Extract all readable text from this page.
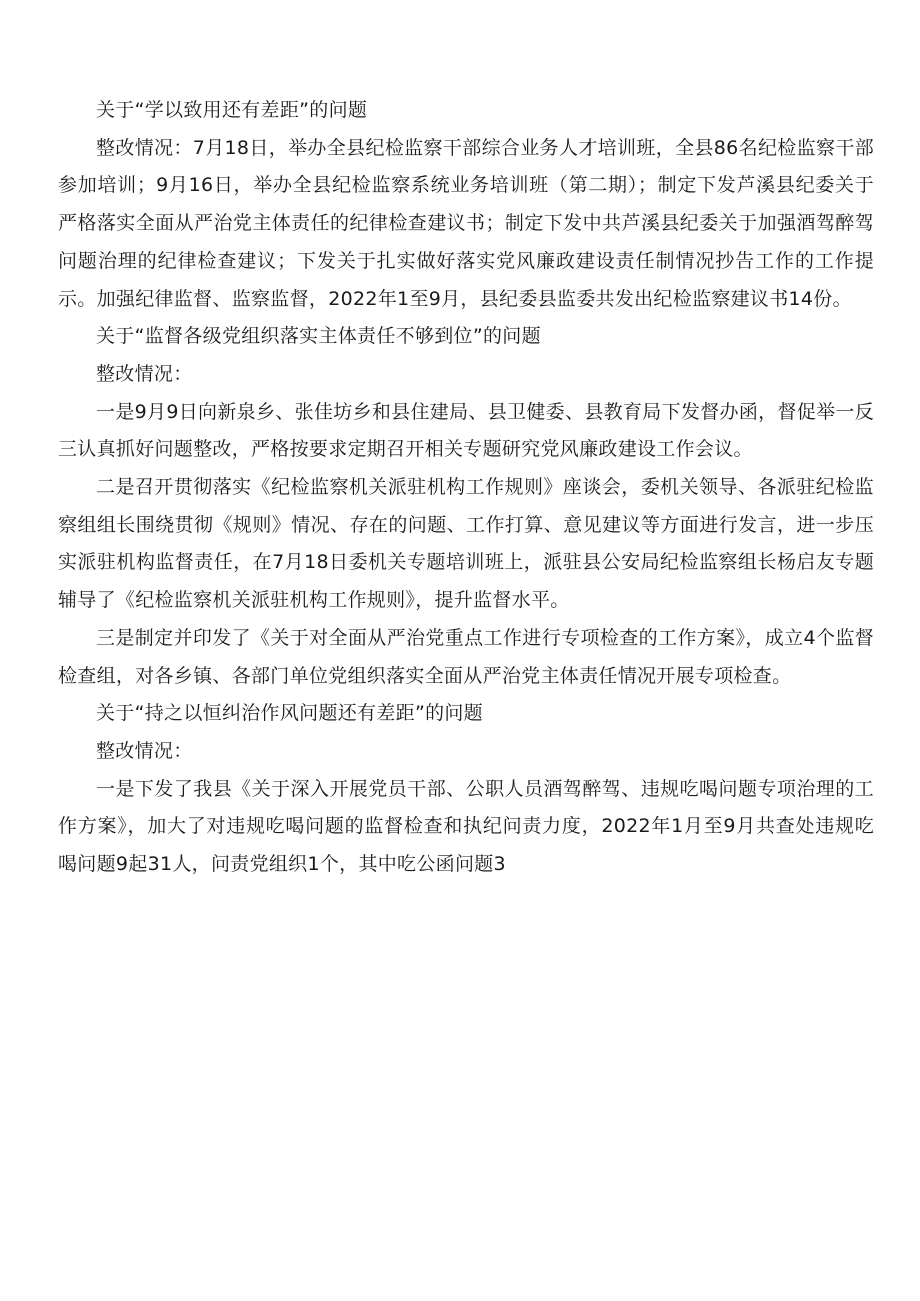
关于“学以致用还有差距”的问题

整改情况：7月18日，举办全县纪检监察干部综合业务人才培训班，全县86名纪检监察干部参加培训；9月16日，举办全县纪检监察系统业务培训班（第二期）；制定下发芦溪县纪委关于严格落实全面从严治党主体责任的纪律检查建议书；制定下发中共芦溪县纪委关于加强酒驾醉驾问题治理的纪律检查建议；下发关于扎实做好落实党风廉政建设责任制情况抄告工作的工作提示。加强纪律监督、监察监督，2022年1至9月，县纪委县监委共发出纪检监察建议书14份。

关于“监督各级党组织落实主体责任不够到位”的问题

整改情况：

一是9月9日向新泉乡、张佳坊乡和县住建局、县卫健委、县教育局下发督办函，督促举一反三认真抓好问题整改，严格按要求定期召开相关专题研究党风廉政建设工作会议。

二是召开贯彻落实《纪检监察机关派驻机构工作规则》座谈会，委机关领导、各派驻纪检监察组组长围绕贯彻《规则》情况、存在的问题、工作打算、意见建议等方面进行发言，进一步压实派驻机构监督责任，在7月18日委机关专题培训班上，派驻县公安局纪检监察组长杨启友专题辅导了《纪检监察机关派驻机构工作规则》，提升监督水平。

三是制定并印发了《关于对全面从严治党重点工作进行专项检查的工作方案》，成立4个监督检查组，对各乡镇、各部门单位党组织落实全面从严治党主体责任情况开展专项检查。

关于“持之以恒纠治作风问题还有差距”的问题

整改情况：

一是下发了我县《关于深入开展党员干部、公职人员酒驾醉驾、违规吃喝问题专项治理的工作方案》，加大了对违规吃喝问题的监督检查和执纪问责力度，2022年1月至9月共查处违规吃喝问题9起31人，问责党组织1个，其中吃公函问题3
